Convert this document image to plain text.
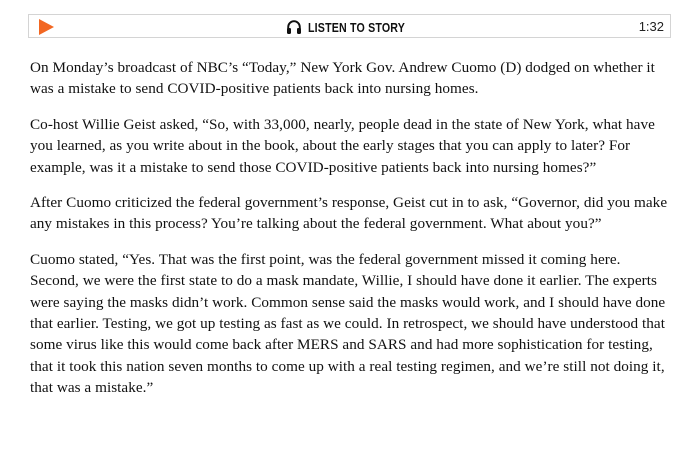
LISTEN TO STORY	1:32

On Monday’s broadcast of NBC’s “Today,” New York Gov. Andrew Cuomo (D) dodged on whether it was a mistake to send COVID-positive patients back into nursing homes.

Co-host Willie Geist asked, “So, with 33,000, nearly, people dead in the state of New York, what have you learned, as you write about in the book, about the early stages that you can apply to later? For example, was it a mistake to send those COVID-positive patients back into nursing homes?”

After Cuomo criticized the federal government’s response, Geist cut in to ask, “Governor, did you make any mistakes in this process? You’re talking about the federal government. What about you?”

Cuomo stated, “Yes. That was the first point, was the federal government missed it coming here. Second, we were the first state to do a mask mandate, Willie, I should have done it earlier. The experts were saying the masks didn’t work. Common sense said the masks would work, and I should have done that earlier. Testing, we got up testing as fast as we could. In retrospect, we should have understood that some virus like this would come back after MERS and SARS and had more sophistication for testing, that it took this nation seven months to come up with a real testing regimen, and we’re still not doing it, that was a mistake.”
